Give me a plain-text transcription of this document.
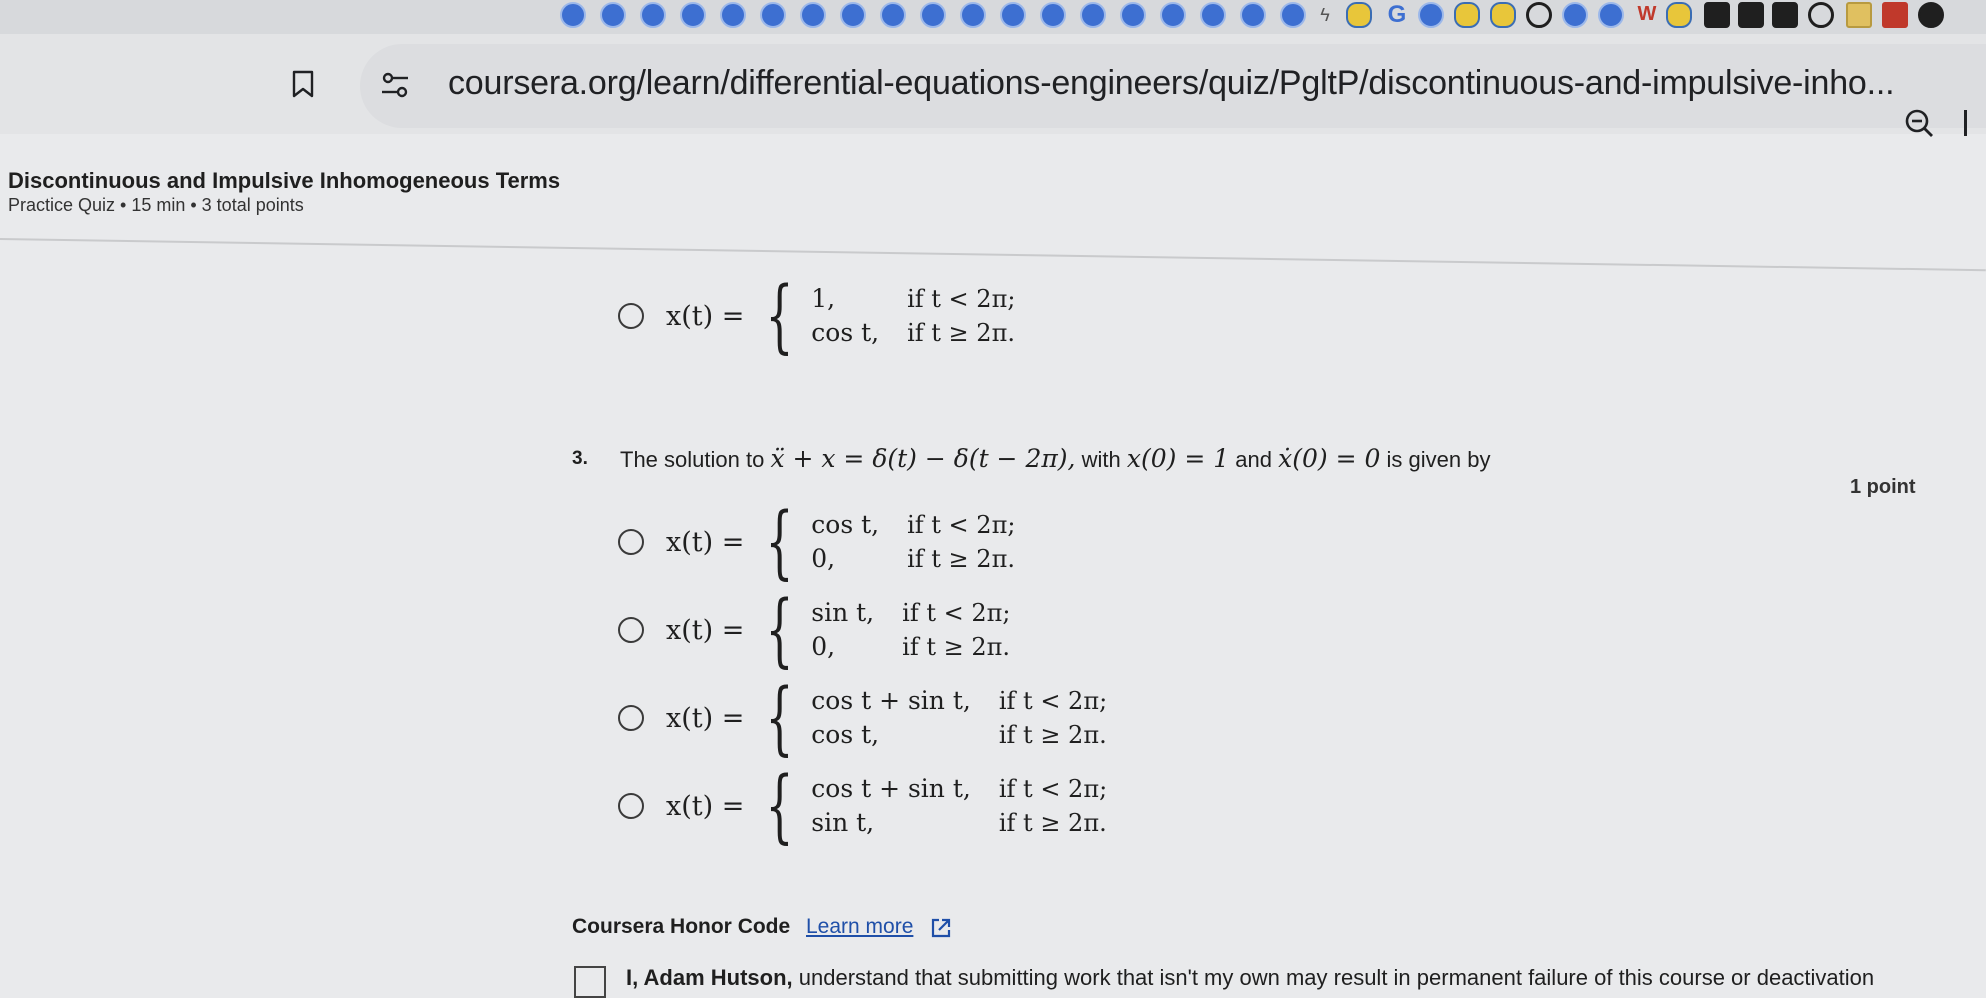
ϟ	G	W
coursera.org/learn/differential-equations-engineers/quiz/PgltP/discontinuous-and-impulsive-inho...
Discontinuous and Impulsive Inhomogeneous Terms
Practice Quiz • 15 min • 3 total points
x(t) = { 1,	if t < 2π;
cos t, if t ≥ 2π.
3. The solution to ẍ + x = δ(t) − δ(t − 2π), with x(0) = 1 and ẋ(0) = 0 is given by
1 point
x(t) = { cos t, if t < 2π;
0,	if t ≥ 2π.
x(t) = { sin t, if t < 2π;
0,	if t ≥ 2π.
x(t) = { cos t + sin t, if t < 2π;
cos t,	if t ≥ 2π.
x(t) = { cos t + sin t, if t < 2π;
sin t,	if t ≥ 2π.
Coursera Honor Code Learn more
I, Adam Hutson, understand that submitting work that isn't my own may result in permanent failure of this course or deactivation
